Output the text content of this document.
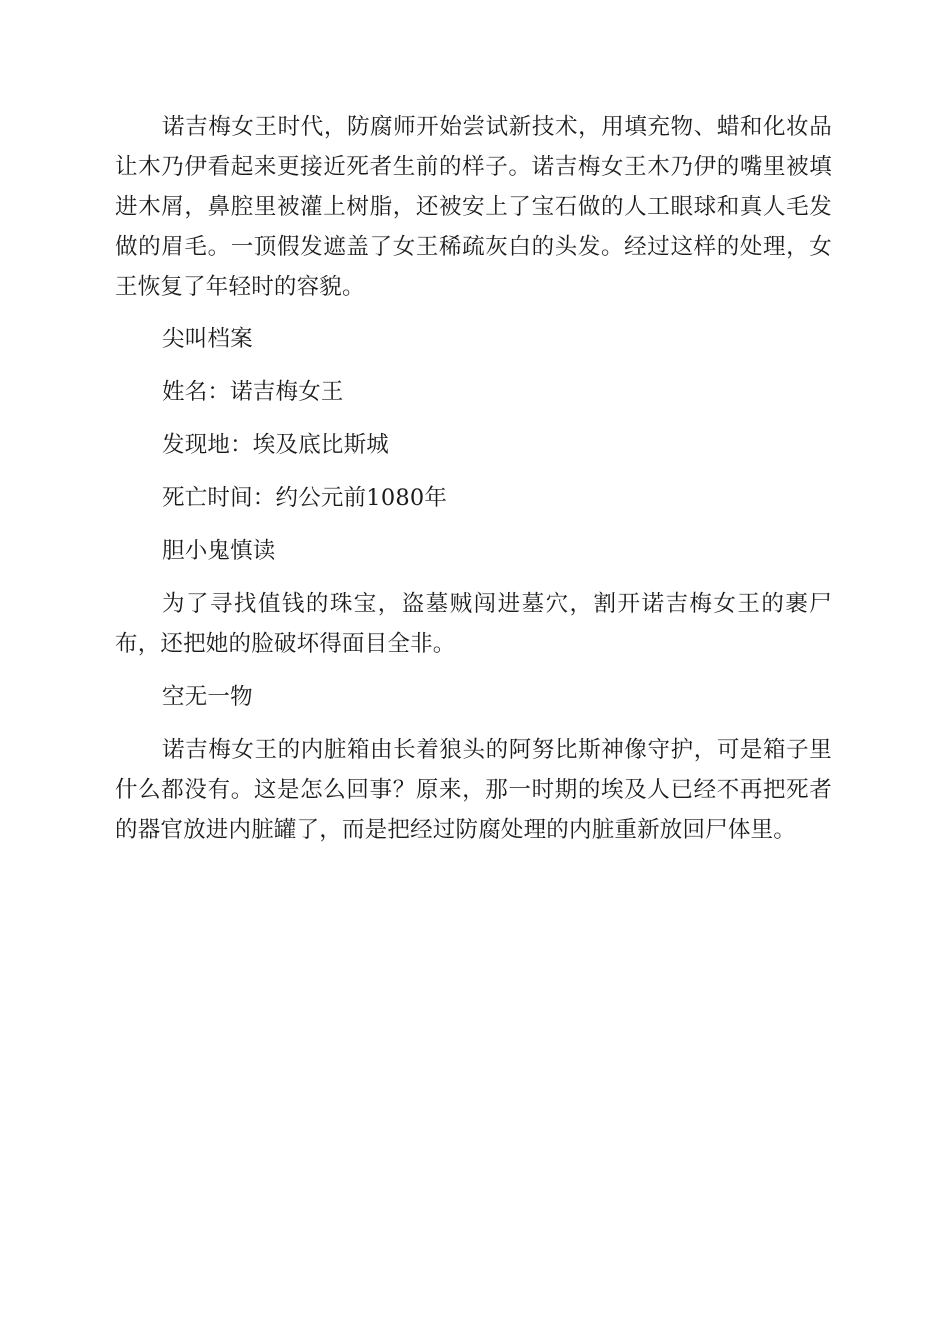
诺吉梅女王时代，防腐师开始尝试新技术，用填充物、蜡和化妆品让木乃伊看起来更接近死者生前的样子。诺吉梅女王木乃伊的嘴里被填进木屑，鼻腔里被灌上树脂，还被安上了宝石做的人工眼球和真人毛发做的眉毛。一顶假发遮盖了女王稀疏灰白的头发。经过这样的处理，女王恢复了年轻时的容貌。

尖叫档案

姓名：诺吉梅女王

发现地：埃及底比斯城

死亡时间：约公元前1080年

胆小鬼慎读

为了寻找值钱的珠宝，盗墓贼闯进墓穴，割开诺吉梅女王的裹尸布，还把她的脸破坏得面目全非。

空无一物

诺吉梅女王的内脏箱由长着狼头的阿努比斯神像守护，可是箱子里什么都没有。这是怎么回事？原来，那一时期的埃及人已经不再把死者的器官放进内脏罐了，而是把经过防腐处理的内脏重新放回尸体里。
